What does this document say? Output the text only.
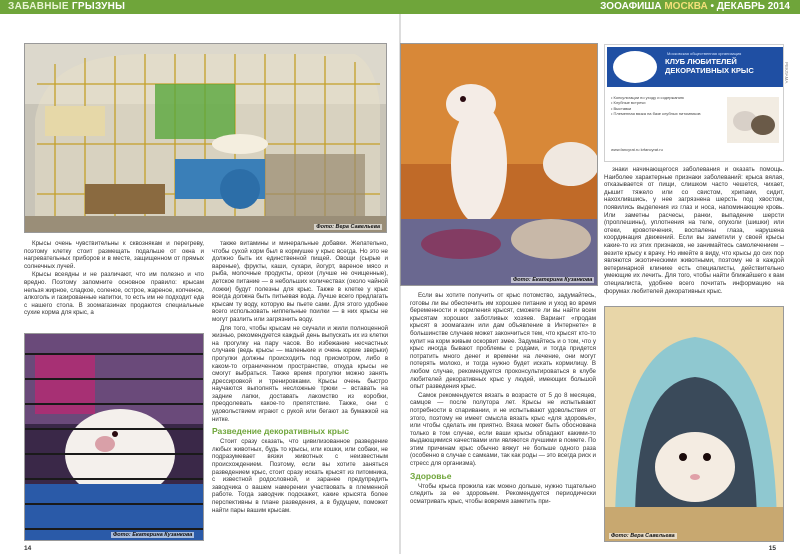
ЗАБАВНЫЕ ГРЫЗУНЫ	ЗООАФИША МОСКВА • ДЕКАБРЬ 2014
Фото: Вера Савельева

Крысы очень чувствительны к сквознякам и перегреву, поэтому клетку стоит размещать подальше от окна и нагревательных приборов и в месте, защищенном от прямых солнечных лучей.

Крысы всеядны и не различают, что им полезно и что вредно. Поэтому запомните основное правило: крысам нельзя жирное, сладкое, соленое, острое, жареное, копченое, алкоголь и газированные напитки, то есть им не подходит еда с нашего стола. В зоомагазинах продаются специальные сухие корма для крыс, а

Фото: Екатерина Кузанкова

также витамины и минеральные добавки. Желательно, чтобы сухой корм был в кормушке у крыс всегда. Но это не должно быть их единственной пищей. Овощи (сырые и вареные), фрукты, каши, сухари, йогурт, вареное мясо и рыба, молочные продукты, орехи (лучше не очищенные), детское питание — в небольших количествах (около чайной ложки) будут полезны для крыс. Также в клетке у крыс всегда должна быть питьевая вода. Лучше всего предлагать крысам ту воду, которую вы пьете сами. Для этого удобнее всего использовать ниппельные поилки — в них крысы не могут разлить или загрязнить воду.

Для того, чтобы крысам не скучали и жили полноценной жизнью, рекомендуется каждый день выпускать их из клетки на прогулку на пару часов. Во избежание несчастных случаев (ведь крысы — маленькие и очень юркие зверьки) прогулки должны происходить под присмотром, либо в каком-то ограниченном пространстве, откуда крысы не смогут выбраться. Также время прогулки можно занять дрессировкой и тренировками. Крысы очень быстро научаются выполнять несложные трюки – вставать на задние лапки, доставать лакомство из коробки, преодолевать какое-то препятствие. Также, они с удовольствием играют с рукой или бегают за бумажкой на нитке.

Разведение декоративных крыс

Стоит сразу сказать, что цивилизованное разведение любых животных, будь то крысы, или кошки, или собаки, не подразумевает вязки животных с неизвестным происхождением. Поэтому, если вы хотите заняться разведением крыс, стоит сразу искать крысят из питомника, с известной родословной, и заранее предупредить заводчика о вашем намерении участвовать в племенной работе. Тогда заводчик подскажет, какие крысята более перспективны в плане разведения, а в будущем, поможет найти пары вашим крысам.

14
Фото: Екатерина Кузанкова
Московская общественная организация
КЛУБ ЛЮБИТЕЛЕЙ
ДЕКОРАТИВНЫХ КРЫС
• Консультации по уходу и содержанию
• Клубные встречи
• Выставки
• Племенная вязка на базе клубных питомников
www.fancyrat.ru krfancyrat.ru
РЕКЛАМА

знаки начинающегося заболевания и оказать помощь. Наиболее характерные признаки заболеваний: крыса вялая, отказывается от пищи, слишком часто чешется, чихает, дышит тяжело или со свистом, хрипами, сидит, нахохлившись, у нее загрязнена шерсть под хвостом, появились выделения из глаз и носа, напоминающие кровь. Или заметны расчесы, ранки, выпадение шерсти (проплешины), уплотнения на теле, опухоли (шишки) или отеки, кровотечения, воспалены глаза, нарушена координация движений. Если вы заметили у своей крысы какие-то из этих признаков, не занимайтесь самолечением – везите крысу к врачу. Но имейте в виду, что крысы до сих пор являются экзотическими животными, поэтому не в каждой ветеринарной клинике есть специалисты, действительно умеющие их лечить. Для того, чтобы найти ближайшего к вам специалиста, удобнее всего почитать информацию на форумах любителей декоративных крыс.

Если вы хотите получить от крыс потомство, задумайтесь, готовы ли вы обеспечить им хорошее питание и уход во время беременности и кормления крысят, сможете ли вы найти всем крысятам хороших заботливых хозяев. Вариант «продам крысят в зоомагазин или дам объявление в Интернете» в большинстве случаев может закончиться тем, что крысят кто-то купит на корм живым оскорвит змее. Задумайтесь и о том, что у крыс иногда бывают проблемы с родами, и тогда придется потратить много денег и времени на лечение, они могут потерять молоко, и тогда нужно будет искать кормилицу. В любом случае, рекомендуется проконсультироваться в клубе любителей декоративных крыс у людей, имеющих большой опыт разведения крыс.

Самок рекомендуется вязать в возрасте от 5 до 8 месяцев, самцов — после полутора лет. Крысы не испытывают потребности в спаривании, и не испытывают удовольствия от этого, поэтому не имеет смысла вязать крыс «для здоровья», или чтобы сделать им приятно. Вязка может быть обоснована только в том случае, если ваши крысы обладают какими-то выдающимися качествами или являются лучшими в помете. По этим причинам крыс обычно вяжут не больше одного раза (особенно в случае с самками, так как роды — это всегда риск и стресс для организма).

Здоровье

Чтобы крыса прожила как можно дольше, нужно тщательно следить за ее здоровьем. Рекомендуется периодически осматривать крыс, чтобы вовремя заметить при-

Фото: Вера Савельева
15
